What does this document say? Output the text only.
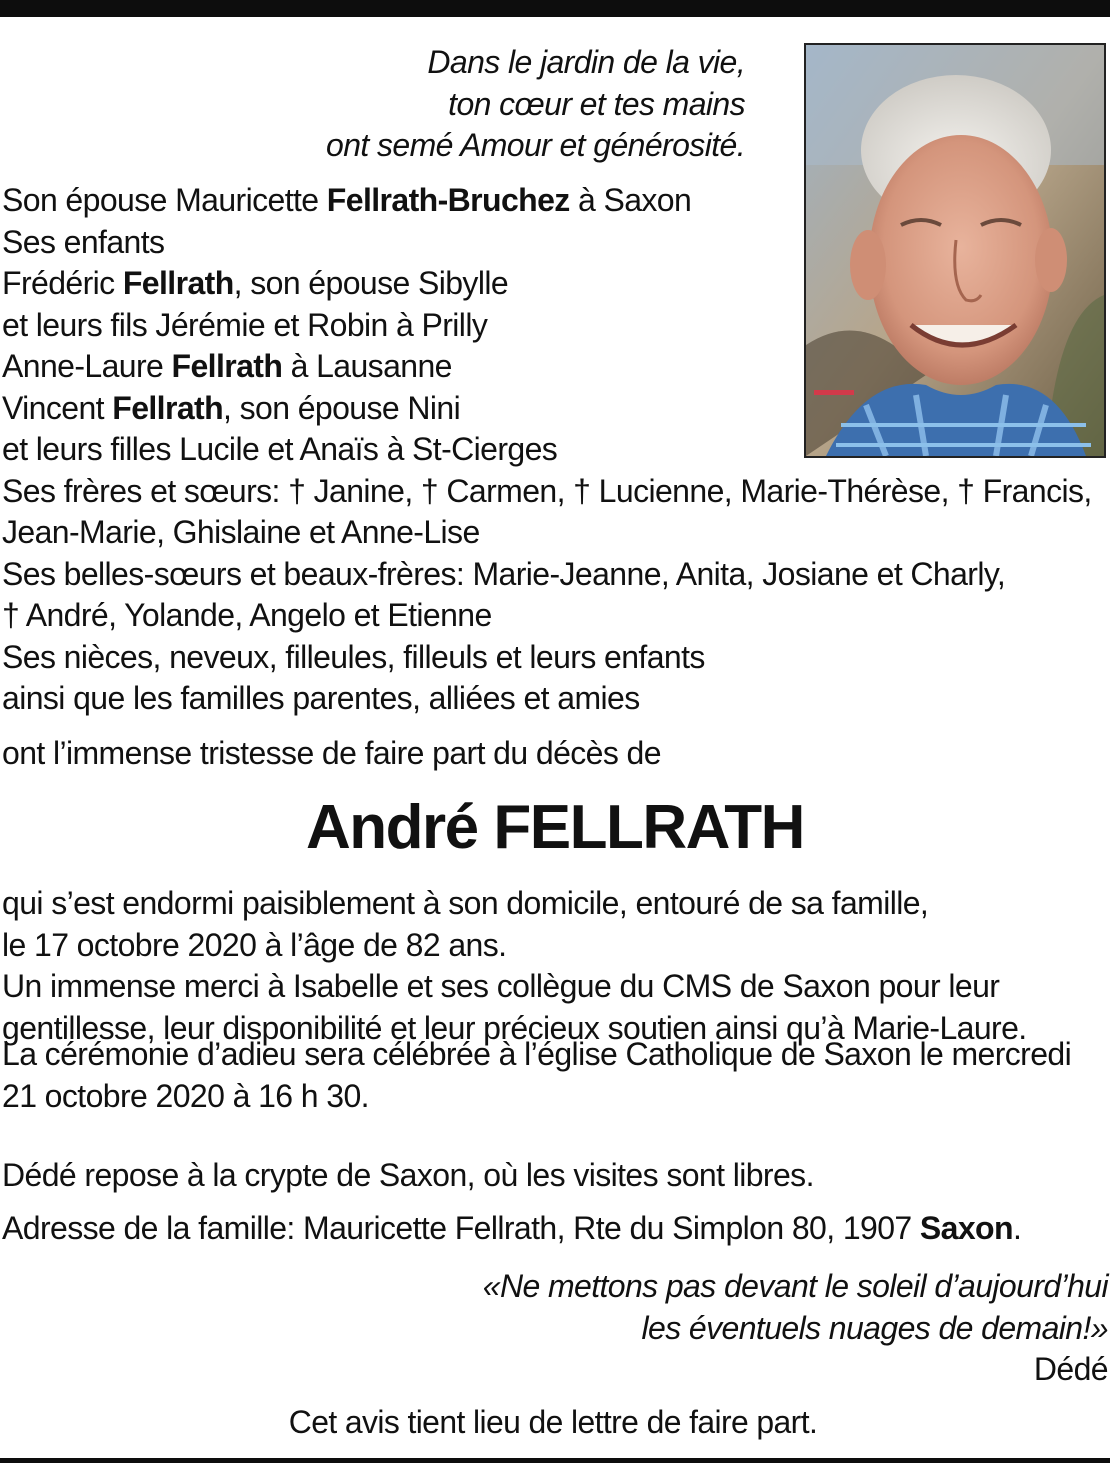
Dans le jardin de la vie,
ton cœur et tes mains
ont semé Amour et générosité.
Son épouse Mauricette Fellrath-Bruchez à Saxon
Ses enfants
Frédéric Fellrath, son épouse Sibylle
et leurs fils Jérémie et Robin à Prilly
Anne-Laure Fellrath à Lausanne
Vincent Fellrath, son épouse Nini
et leurs filles Lucile et Anaïs à St-Cierges
Ses frères et sœurs: † Janine, † Carmen, † Lucienne, Marie-Thérèse, † Francis,
Jean-Marie, Ghislaine et Anne-Lise
Ses belles-sœurs et beaux-frères: Marie-Jeanne, Anita, Josiane et Charly,
† André, Yolande, Angelo et Etienne
Ses nièces, neveux, filleules, filleuls et leurs enfants
ainsi que les familles parentes, alliées et amies
ont l’immense tristesse de faire part du décès de
André FELLRATH
qui s’est endormi paisiblement à son domicile, entouré de sa famille,
le 17 octobre 2020 à l’âge de 82 ans.
Un immense merci à Isabelle et ses collègue du CMS de Saxon pour leur
gentillesse, leur disponibilité et leur précieux soutien ainsi qu’à Marie-Laure.
La cérémonie d’adieu sera célébrée à l’église Catholique de Saxon le mercredi
21 octobre 2020 à 16 h 30.
Dédé repose à la crypte de Saxon, où les visites sont libres.
Adresse de la famille: Mauricette Fellrath, Rte du Simplon 80, 1907 Saxon.
«Ne mettons pas devant le soleil d’aujourd’hui
les éventuels nuages de demain!»
Dédé
Cet avis tient lieu de lettre de faire part.
